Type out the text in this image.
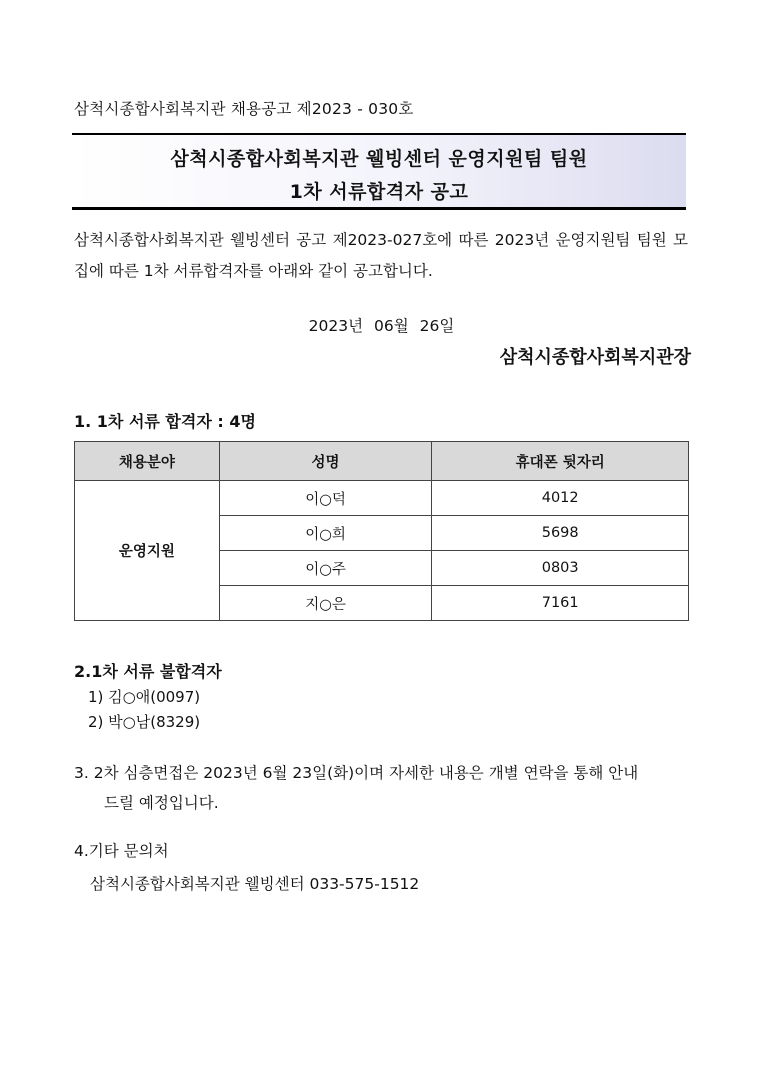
삼척시종합사회복지관 채용공고 제2023 - 030호
삼척시종합사회복지관 웰빙센터 운영지원팀 팀원
1차 서류합격자 공고
삼척시종합사회복지관 웰빙센터 공고 제2023-027호에 따른 2023년 운영지원팀 팀원 모집에 따른 1차 서류합격자를 아래와 같이 공고합니다.
2023년 06월 26일
삼척시종합사회복지관장
1. 1차 서류 합격자 : 4명
채용분야	성명	휴대폰 뒷자리
운영지원	이○덕	4012
	이○희	5698
	이○주	0803
	지○은	7161
2.1차 서류 불합격자
1) 김○애(0097)
2) 박○남(8329)
3. 2차 심층면접은 2023년 6월 23일(화)이며 자세한 내용은 개별 연락을 통해 안내
드릴 예정입니다.
4.기타 문의처
삼척시종합사회복지관 웰빙센터 033-575-1512
